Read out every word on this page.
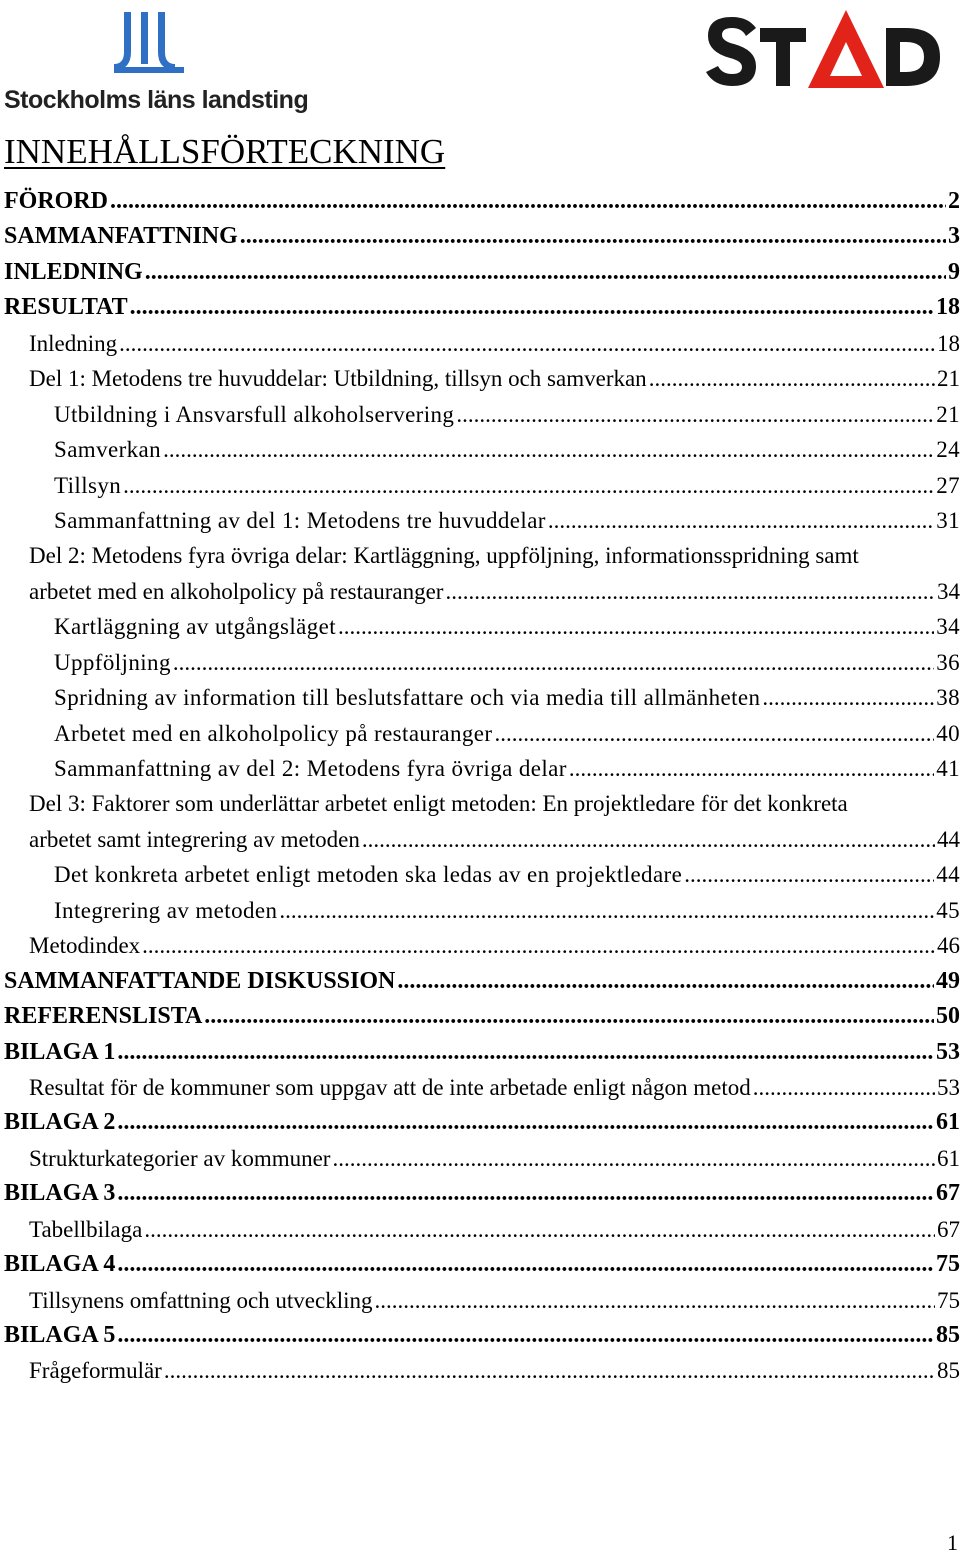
Stockholms läns landsting
INNEHÅLLSFÖRTECKNING
FÖRORD .....	2
SAMMANFATTNING .....	3
INLEDNING .....	9
RESULTAT .....	18
Inledning .....	18
Del 1: Metodens tre huvuddelar: Utbildning, tillsyn och samverkan .....	21
Utbildning i Ansvarsfull alkoholservering .....	21
Samverkan .....	24
Tillsyn .....	27
Sammanfattning av del 1: Metodens tre huvuddelar .....	31
Del 2: Metodens fyra övriga delar: Kartläggning, uppföljning, informationsspridning samt
arbetet med en alkoholpolicy på restauranger .....	34
Kartläggning av utgångsläget .....	34
Uppföljning .....	36
Spridning av information till beslutsfattare och via media till allmänheten .....	38
Arbetet med en alkoholpolicy på restauranger .....	40
Sammanfattning av del 2: Metodens fyra övriga delar .....	41
Del 3: Faktorer som underlättar arbetet enligt metoden: En projektledare för det konkreta
arbetet samt integrering av metoden .....	44
Det konkreta arbetet enligt metoden ska ledas av en projektledare .....	44
Integrering av metoden .....	45
Metodindex .....	46
SAMMANFATTANDE DISKUSSION .....	49
REFERENSLISTA .....	50
BILAGA 1 .....	53
Resultat för de kommuner som uppgav att de inte arbetade enligt någon metod .....	53
BILAGA 2 .....	61
Strukturkategorier av kommuner .....	61
BILAGA 3 .....	67
Tabellbilaga .....	67
BILAGA 4 .....	75
Tillsynens omfattning och utveckling .....	75
BILAGA 5 .....	85
Frågeformulär .....	85
1
